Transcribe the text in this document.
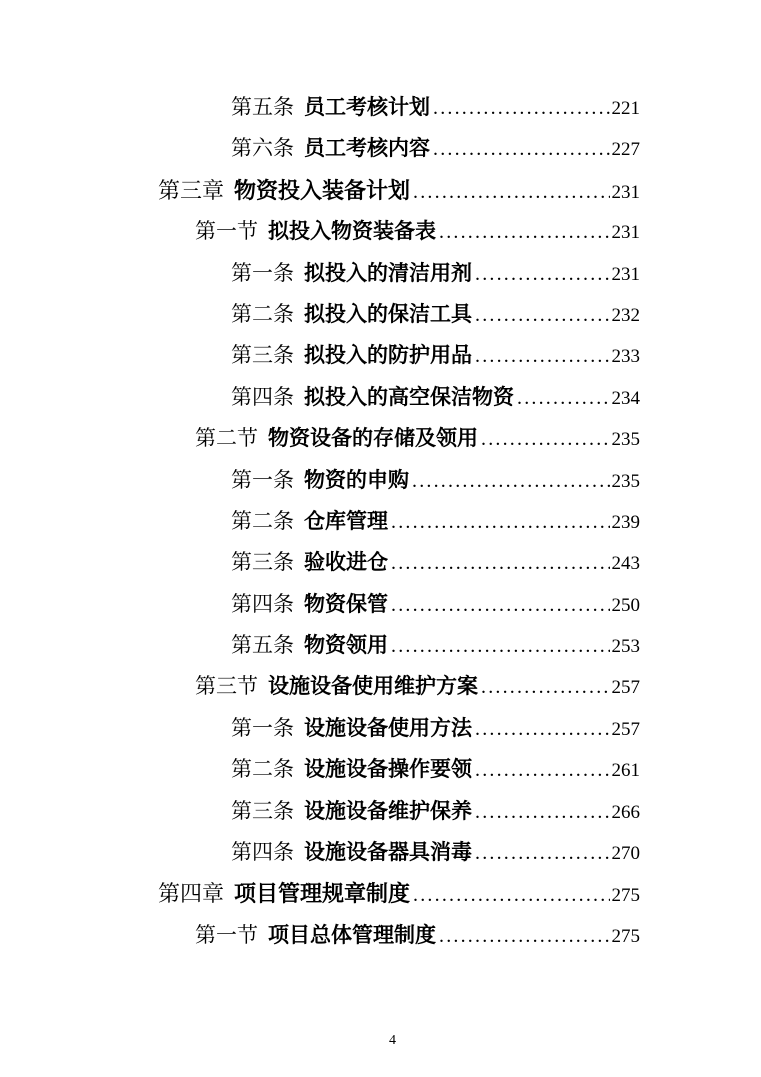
第五条 员工考核计划 .....	221
第六条 员工考核内容 .....	227
第三章 物资投入装备计划 .....	231
第一节 拟投入物资装备表 .....	231
第一条 拟投入的清洁用剂 .....	231
第二条 拟投入的保洁工具 .....	232
第三条 拟投入的防护用品 .....	233
第四条 拟投入的高空保洁物资 .....	234
第二节 物资设备的存储及领用 .....	235
第一条 物资的申购 .....	235
第二条 仓库管理 .....	239
第三条 验收进仓 .....	243
第四条 物资保管 .....	250
第五条 物资领用 .....	253
第三节 设施设备使用维护方案 .....	257
第一条 设施设备使用方法 .....	257
第二条 设施设备操作要领 .....	261
第三条 设施设备维护保养 .....	266
第四条 设施设备器具消毒 .....	270
第四章 项目管理规章制度 .....	275
第一节 项目总体管理制度 .....	275
4
